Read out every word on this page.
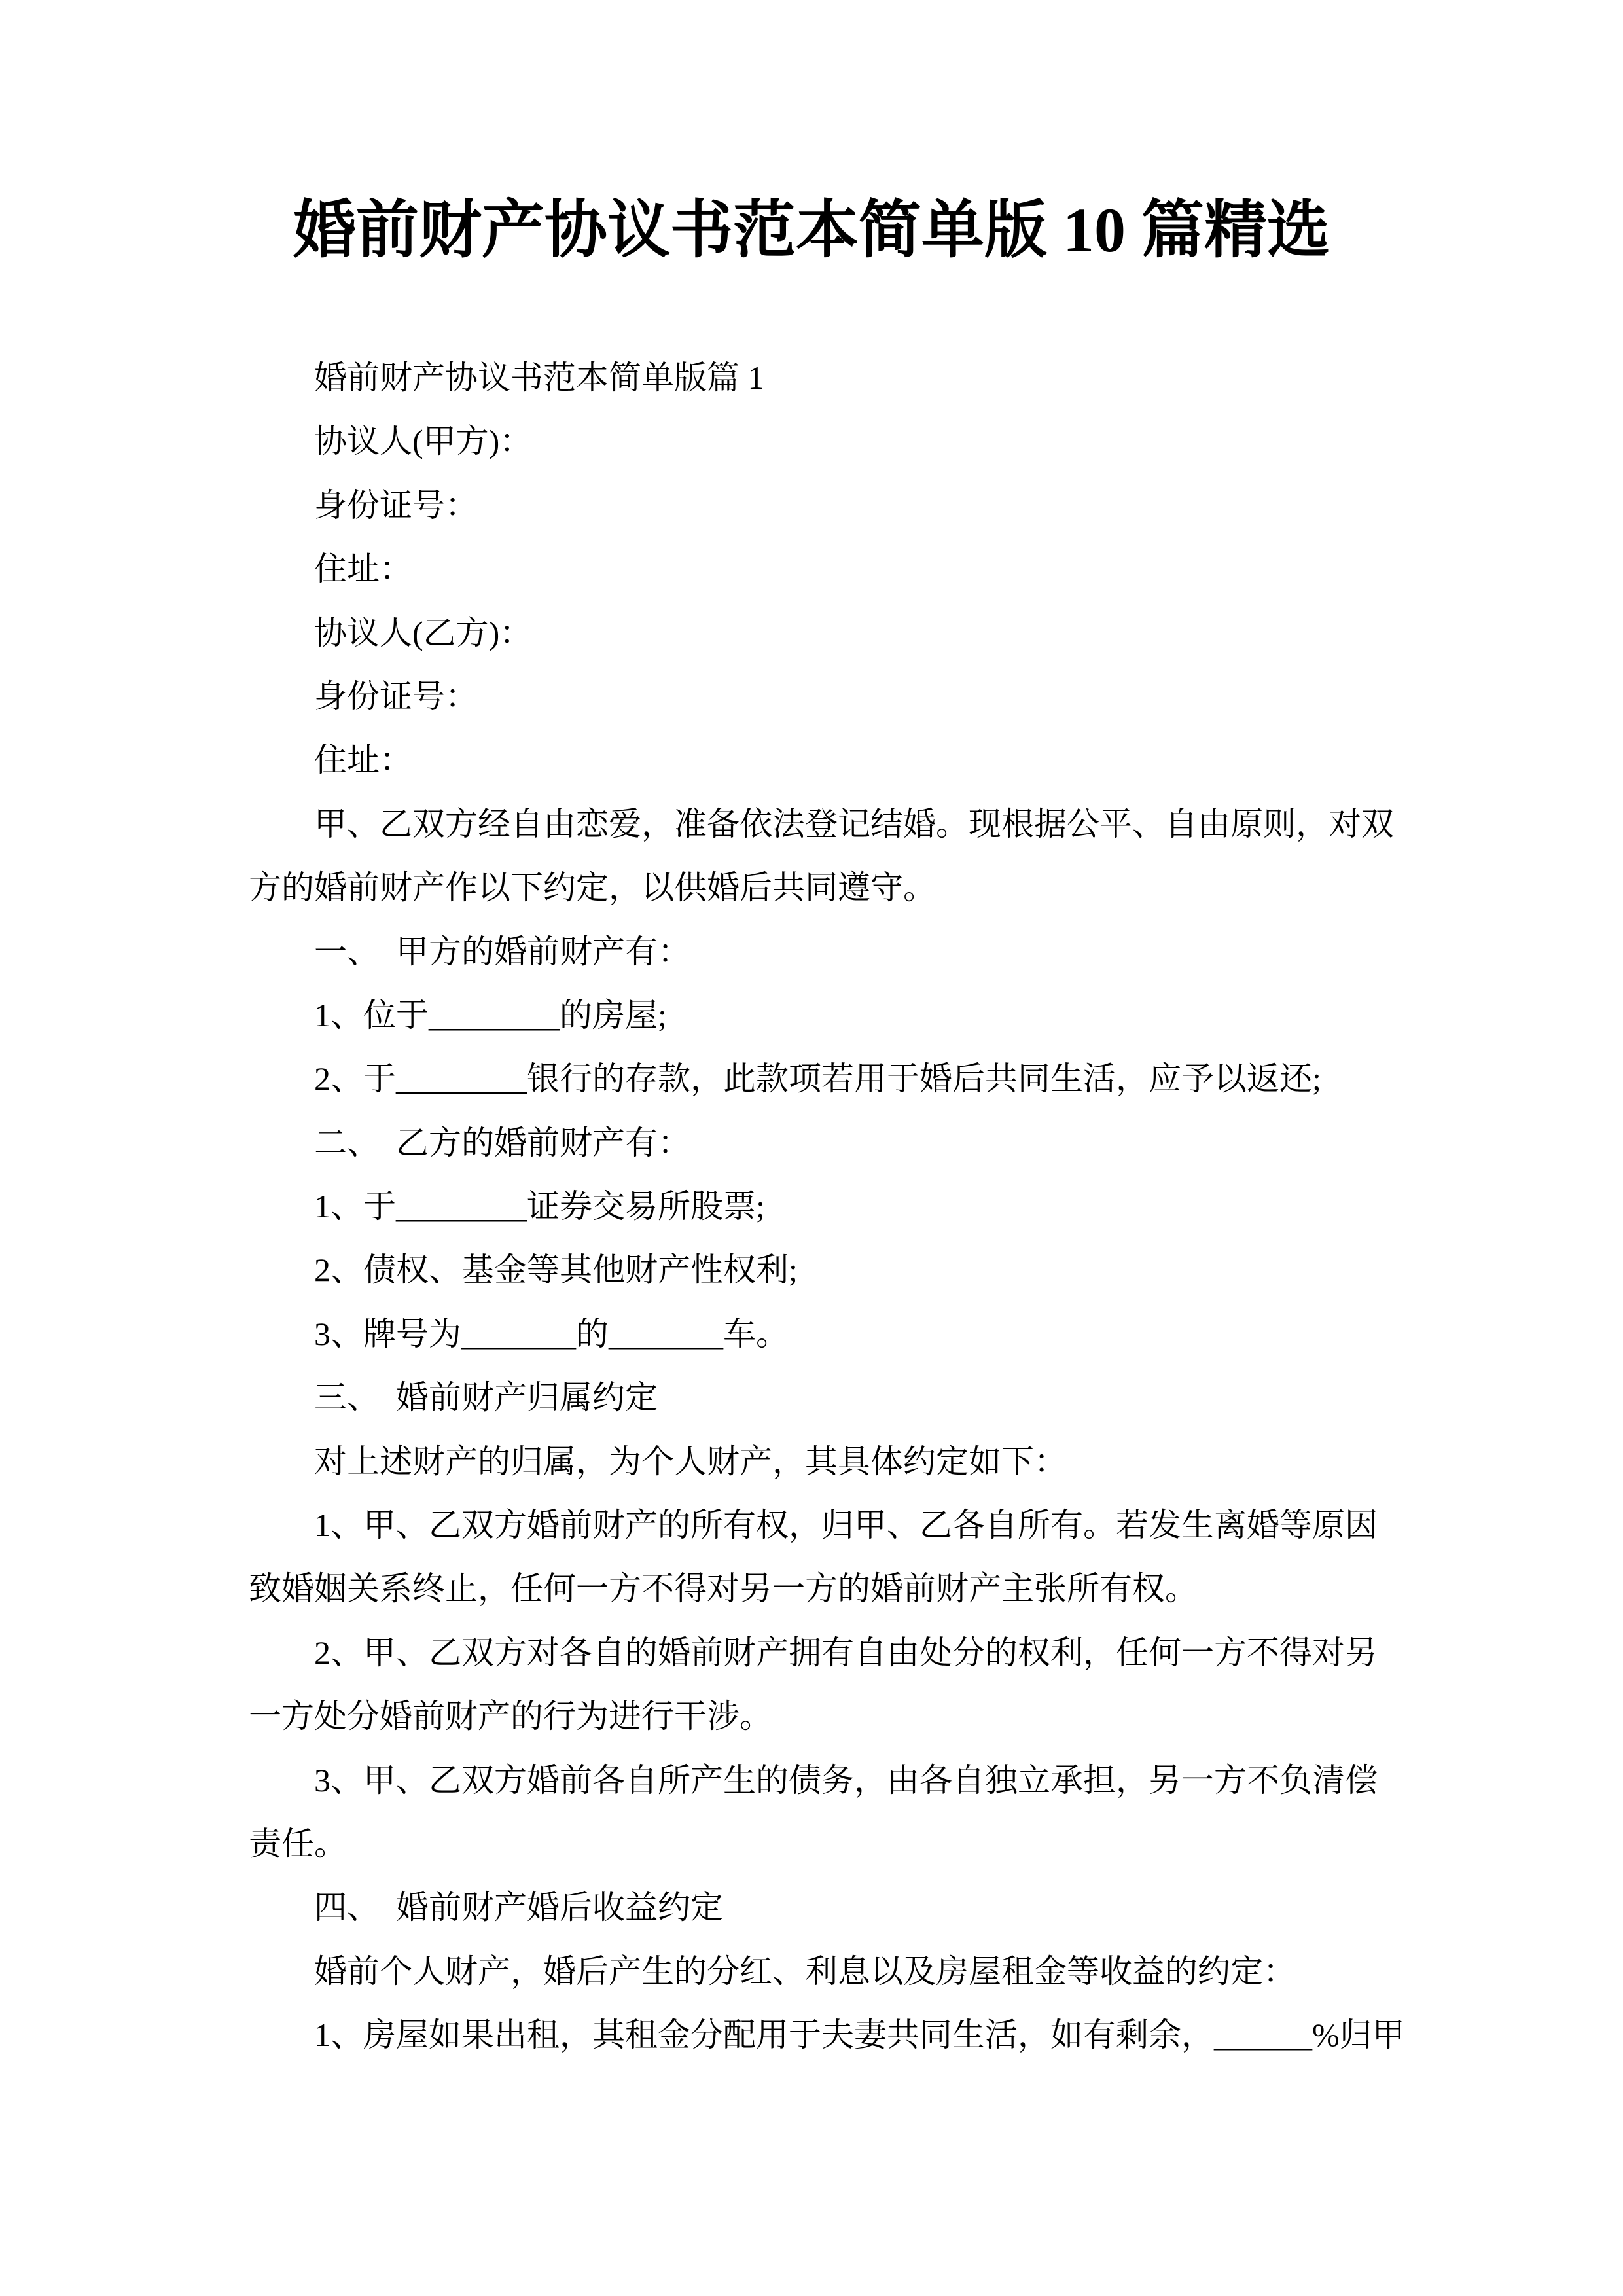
婚前财产协议书范本简单版 10 篇精选
婚前财产协议书范本简单版篇 1
协议人(甲方)：
身份证号：
住址：
协议人(乙方)：
身份证号：
住址：
甲、乙双方经自由恋爱，准备依法登记结婚。现根据公平、自由原则，对双
方的婚前财产作以下约定，以供婚后共同遵守。
一、　甲方的婚前财产有：
1、位于________的房屋;
2、于________银行的存款，此款项若用于婚后共同生活，应予以返还;
二、　乙方的婚前财产有：
1、于________证券交易所股票;
2、债权、基金等其他财产性权利;
3、牌号为_______的_______车。
三、　婚前财产归属约定
对上述财产的归属，为个人财产，其具体约定如下：
1、甲、乙双方婚前财产的所有权，归甲、乙各自所有。若发生离婚等原因
致婚姻关系终止，任何一方不得对另一方的婚前财产主张所有权。
2、甲、乙双方对各自的婚前财产拥有自由处分的权利，任何一方不得对另
一方处分婚前财产的行为进行干涉。
3、甲、乙双方婚前各自所产生的债务，由各自独立承担，另一方不负清偿
责任。
四、　婚前财产婚后收益约定
婚前个人财产，婚后产生的分红、利息以及房屋租金等收益的约定：
1、房屋如果出租，其租金分配用于夫妻共同生活，如有剩余，______%归甲
